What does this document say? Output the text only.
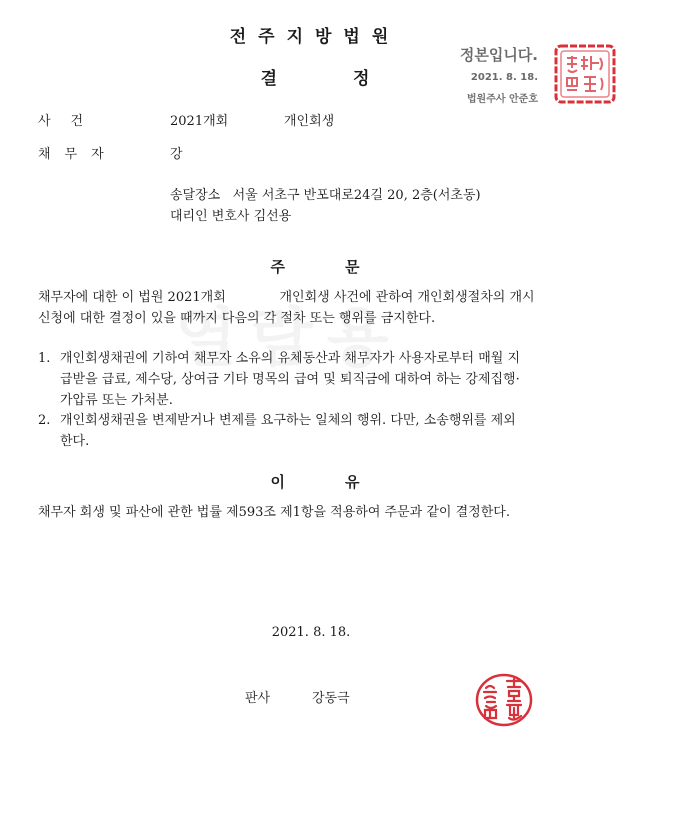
전주지방법원
결	정
정본입니다.
2021. 8. 18.
법원주사 안준호
사건	2021개회	개인회생
채무자	강
송달장소   서울 서초구 반포대로24길 20, 2층(서초동)
대리인 변호사 김선용
주	문
채무자에 대한 이 법원 2021개회             개인회생 사건에 관하여 개인회생절차의 개시
신청에 대한 결정이 있을 때까지 다음의 각 절차 또는 행위를 금지한다.
1. 개인회생채권에 기하여 채무자 소유의 유체동산과 채무자가 사용자로부터 매월 지
급받을 급료, 제수당, 상여금 기타 명목의 급여 및 퇴직금에 대하여 하는 강제집행·
가압류 또는 가처분.
2. 개인회생채권을 변제받거나 변제를 요구하는 일체의 행위. 다만, 소송행위를 제외
한다.
이	유
채무자 회생 및 파산에 관한 법률 제593조 제1항을 적용하여 주문과 같이 결정한다.
2021. 8. 18.
판사	강동극
